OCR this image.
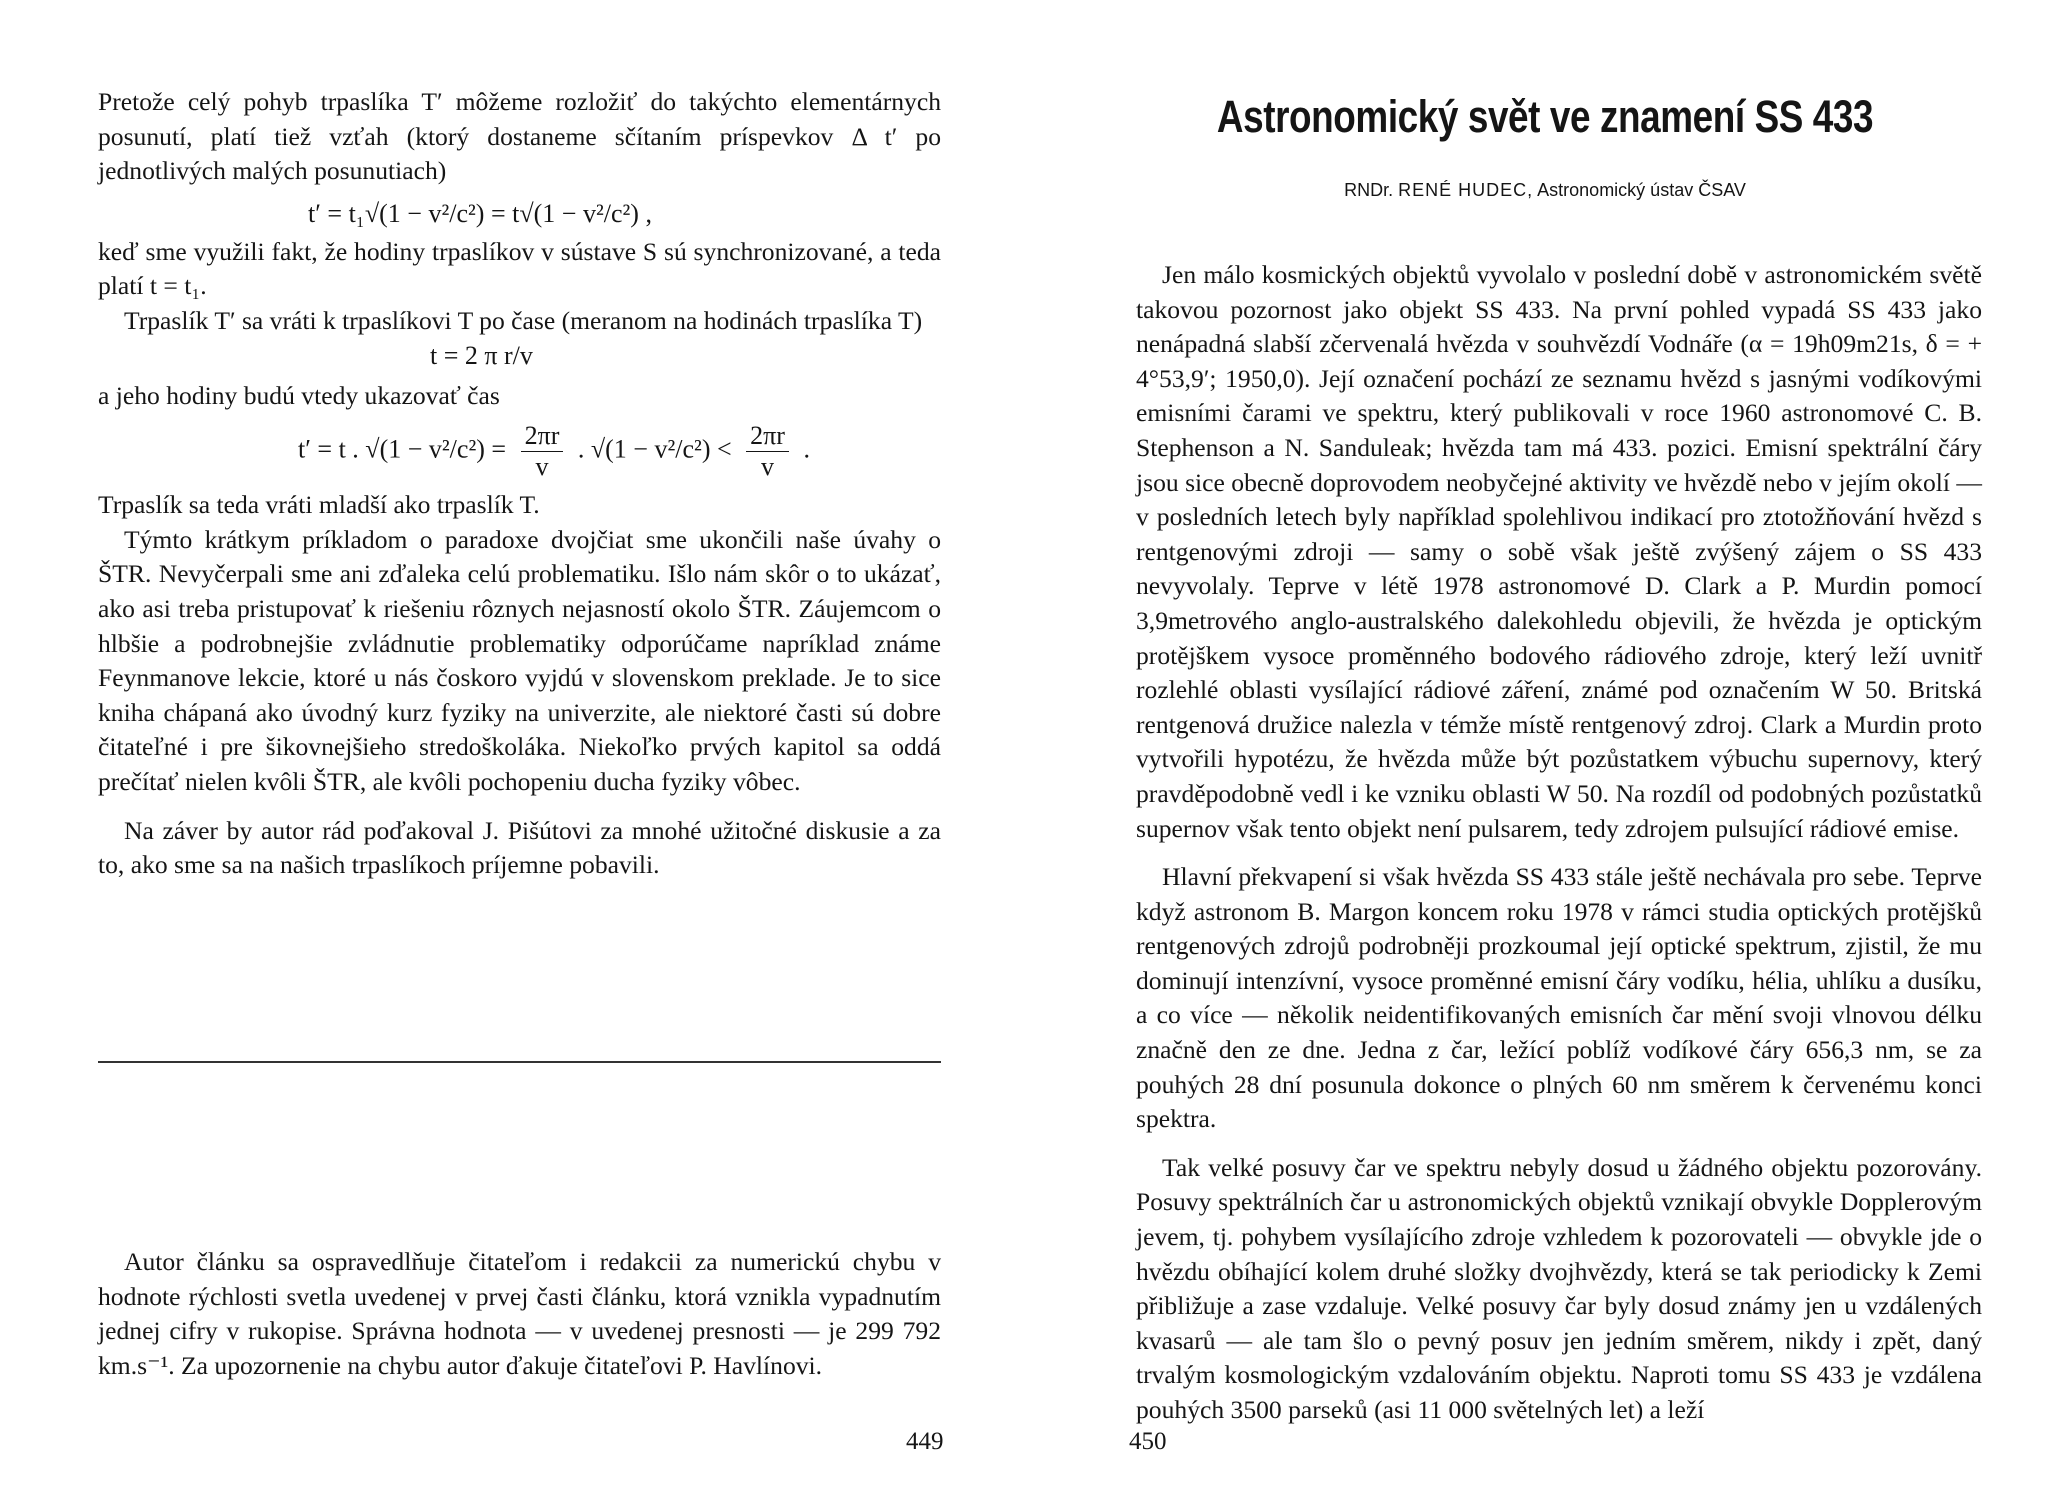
Pretože celý pohyb trpaslíka T′ môžeme rozložiť do takýchto elementárnych posunutí, platí tiež vzťah (ktorý dostaneme sčítaním príspevkov Δ t′ po jednotlivých malých posunutiach)

t′ = t₁√(1 − v²/c²) = t√(1 − v²/c²) ,

keď sme využili fakt, že hodiny trpaslíkov v sústave S sú synchronizované, a teda platí t = t₁.

Trpaslík T′ sa vráti k trpaslíkovi T po čase (meranom na hodinách trpaslíka T)

t = 2 π r/v

a jeho hodiny budú vtedy ukazovať čas

t′ = t . $√(1 - v^2/c^2) = \frac{2\pi r}{v}$ . $√(1 - v^2/c^2) < \frac{2\pi r}{v}$ .

Trpaslík sa teda vráti mladší ako trpaslík T.

Týmto krátkym príkladom o paradoxe dvojčiat sme ukončili naše úvahy o ŠTR. Nevyčerpali sme ani zďaleka celú problematiku. Išlo nám skôr o to ukázať, ako asi treba pristupovať k riešeniu rôznych nejasností okolo ŠTR. Záujemcom o hlbšie a podrobnejšie zvládnutie problematiky odporúčame napríklad známe Feynmanove lekcie, ktoré u nás čoskoro vyjdú v slovenskom preklade. Je to sice kniha chápaná ako úvodný kurz fyziky na univerzite, ale niektoré časti sú dobre čitateľné i pre šikovnejšieho stredoškoláka. Niekoľko prvých kapitol sa oddá prečítať nielen kvôli ŠTR, ale kvôli pochopeniu ducha fyziky vôbec.

Na záver by autor rád poďakoval J. Pišútovi za mnohé užitočné diskusie a za to, ako sme sa na našich trpaslíkoch príjemne pobavili.

Autor článku sa ospravedlňuje čitateľom i redakcii za numerickú chybu v hodnote rýchlosti svetla uvedenej v prvej časti článku, ktorá vznikla vypadnutím jednej cifry v rukopise. Správna hodnota — v uvedenej presnosti — je 299 792 km.s⁻¹. Za upozornenie na chybu autor ďakuje čitateľovi P. Havlínovi.

449
Astronomický svět ve znamení SS 433
RNDr. RENÉ HUDEC, Astronomický ústav ČSAV

Jen málo kosmických objektů vyvolalo v poslední době v astronomickém světě takovou pozornost jako objekt SS 433. Na první pohled vypadá SS 433 jako nenápadná slabší zčervenalá hvězda v souhvězdí Vodnáře (α = 19h09m21s, δ = + 4°53,9′; 1950,0). Její označení pochází ze seznamu hvězd s jasnými vodíkovými emisními čarami ve spektru, který publikovali v roce 1960 astronomové C. B. Stephenson a N. Sanduleak; hvězda tam má 433. pozici. Emisní spektrální čáry jsou sice obecně doprovodem neobyčejné aktivity ve hvězdě nebo v jejím okolí — v posledních letech byly například spolehlivou indikací pro ztotožňování hvězd s rentgenovými zdroji — samy o sobě však ještě zvýšený zájem o SS 433 nevyvolaly. Teprve v létě 1978 astronomové D. Clark a P. Murdin pomocí 3,9metrového anglo-australského dalekohledu objevili, že hvězda je optickým protějškem vysoce proměnného bodového rádiového zdroje, který leží uvnitř rozlehlé oblasti vysílající rádiové záření, známé pod označením W 50. Britská rentgenová družice nalezla v témže místě rentgenový zdroj. Clark a Murdin proto vytvořili hypotézu, že hvězda může být pozůstatkem výbuchu supernovy, který pravděpodobně vedl i ke vzniku oblasti W 50. Na rozdíl od podobných pozůstatků supernov však tento objekt není pulsarem, tedy zdrojem pulsující rádiové emise.

Hlavní překvapení si však hvězda SS 433 stále ještě nechávala pro sebe. Teprve když astronom B. Margon koncem roku 1978 v rámci studia optických protějšků rentgenových zdrojů podrobněji prozkoumal její optické spektrum, zjistil, že mu dominují intenzívní, vysoce proměnné emisní čáry vodíku, hélia, uhlíku a dusíku, a co více — několik neidentifikovaných emisních čar mění svoji vlnovou délku značně den ze dne. Jedna z čar, ležící poblíž vodíkové čáry 656,3 nm, se za pouhých 28 dní posunula dokonce o plných 60 nm směrem k červenému konci spektra.

Tak velké posuvy čar ve spektru nebyly dosud u žádného objektu pozorovány. Posuvy spektrálních čar u astronomických objektů vznikají obvykle Dopplerovým jevem, tj. pohybem vysílajícího zdroje vzhledem k pozorovateli — obvykle jde o hvězdu obíhající kolem druhé složky dvojhvězdy, která se tak periodicky k Zemi přibližuje a zase vzdaluje. Velké posuvy čar byly dosud známy jen u vzdálených kvasarů — ale tam šlo o pevný posuv jen jedním směrem, nikdy i zpět, daný trvalým kosmologickým vzdalováním objektu. Naproti tomu SS 433 je vzdálena pouhých 3500 parseků (asi 11 000 světelných let) a leží

450
